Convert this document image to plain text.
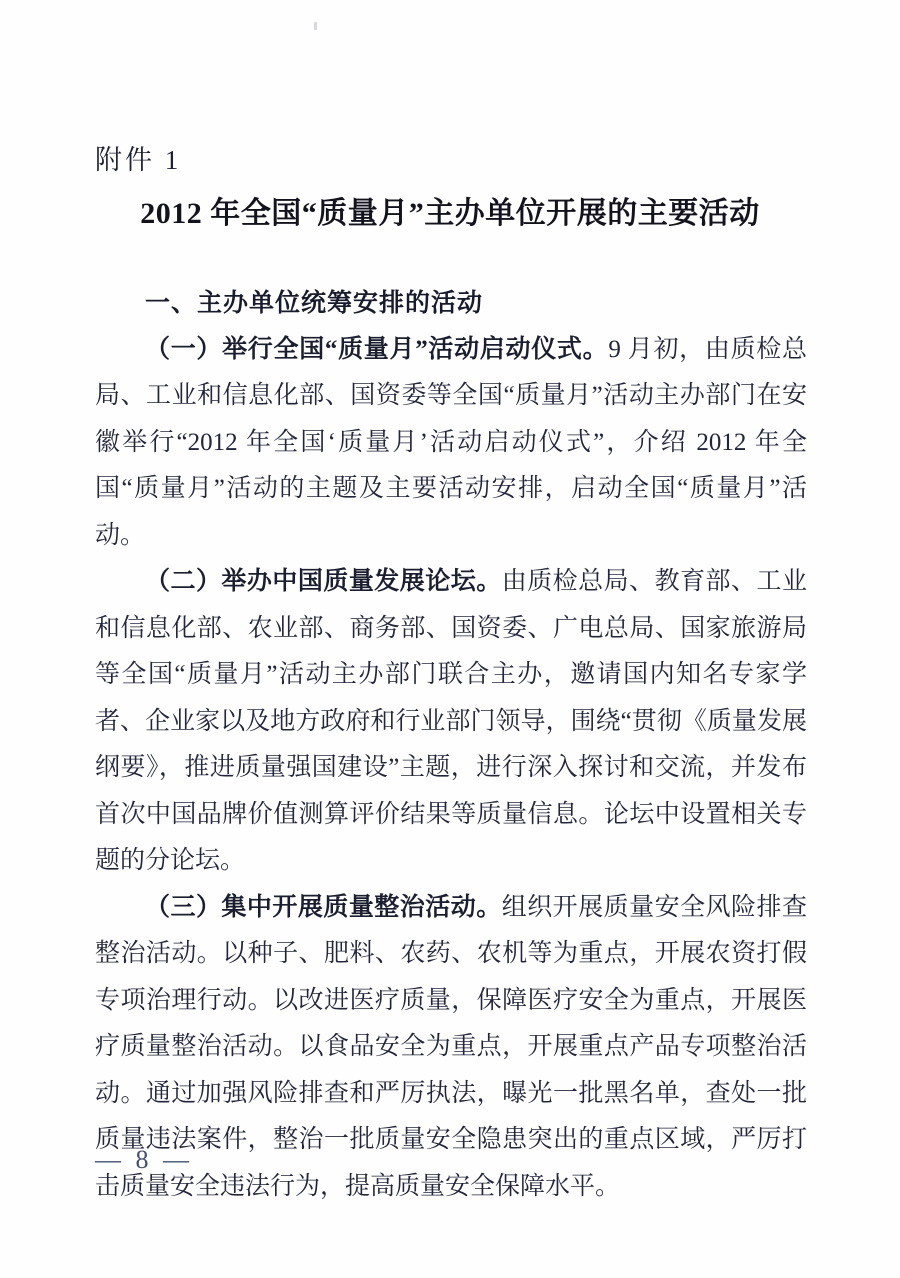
附件 1
2012 年全国“质量月”主办单位开展的主要活动
一、主办单位统筹安排的活动

（一）举行全国“质量月”活动启动仪式。9 月初，由质检总局、工业和信息化部、国资委等全国“质量月”活动主办部门在安徽举行“2012 年全国‘质量月’活动启动仪式”，介绍 2012 年全国“质量月”活动的主题及主要活动安排，启动全国“质量月”活动。

（二）举办中国质量发展论坛。由质检总局、教育部、工业和信息化部、农业部、商务部、国资委、广电总局、国家旅游局等全国“质量月”活动主办部门联合主办，邀请国内知名专家学者、企业家以及地方政府和行业部门领导，围绕“贯彻《质量发展纲要》，推进质量强国建设”主题，进行深入探讨和交流，并发布首次中国品牌价值测算评价结果等质量信息。论坛中设置相关专题的分论坛。

（三）集中开展质量整治活动。组织开展质量安全风险排查整治活动。以种子、肥料、农药、农机等为重点，开展农资打假专项治理行动。以改进医疗质量，保障医疗安全为重点，开展医疗质量整治活动。以食品安全为重点，开展重点产品专项整治活动。通过加强风险排查和严厉执法，曝光一批黑名单，查处一批质量违法案件，整治一批质量安全隐患突出的重点区域，严厉打击质量安全违法行为，提高质量安全保障水平。

— 8 —
